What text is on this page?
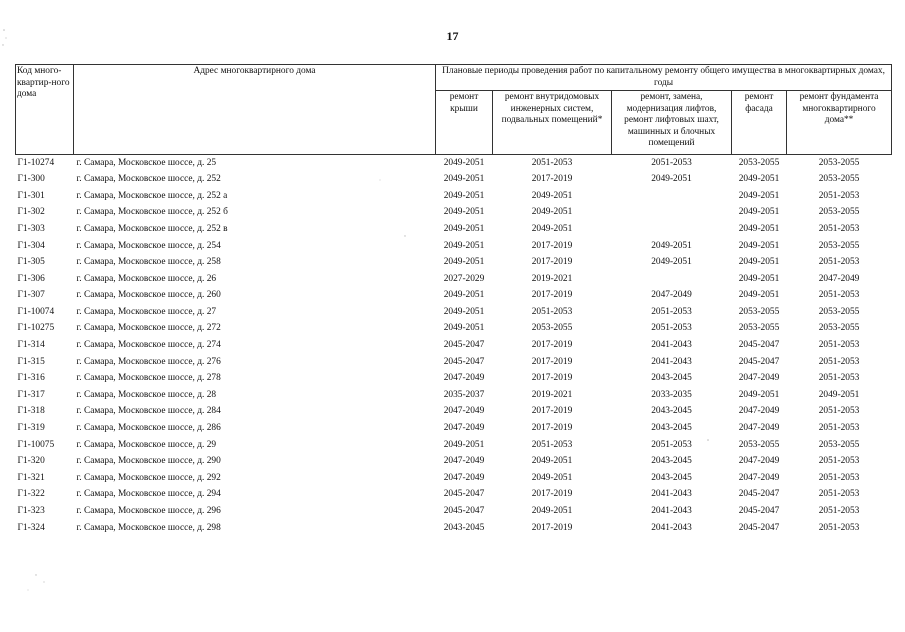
17
Код много-квартир-ного дома	Адрес многоквартирного дома	Плановые периоды проведения работ по капитальному ремонту общего имущества в многоквартирных домах, годы				
		ремонт крыши	ремонт внутридомовых инженерных систем, подвальных помещений*	ремонт, замена, модернизация лифтов, ремонт лифтовых шахт, машинных и блочных помещений	ремонт фасада	ремонт фундамента многоквартирного дома**
Г1-10274	г. Самара, Московское шоссе, д. 25	2049-2051	2051-2053	2051-2053	2053-2055	2053-2055
Г1-300	г. Самара, Московское шоссе, д. 252	2049-2051	2017-2019	2049-2051	2049-2051	2053-2055
Г1-301	г. Самара, Московское шоссе, д. 252 а	2049-2051	2049-2051		2049-2051	2051-2053
Г1-302	г. Самара, Московское шоссе, д. 252 б	2049-2051	2049-2051		2049-2051	2053-2055
Г1-303	г. Самара, Московское шоссе, д. 252 в	2049-2051	2049-2051		2049-2051	2051-2053
Г1-304	г. Самара, Московское шоссе, д. 254	2049-2051	2017-2019	2049-2051	2049-2051	2053-2055
Г1-305	г. Самара, Московское шоссе, д. 258	2049-2051	2017-2019	2049-2051	2049-2051	2051-2053
Г1-306	г. Самара, Московское шоссе, д. 26	2027-2029	2019-2021		2049-2051	2047-2049
Г1-307	г. Самара, Московское шоссе, д. 260	2049-2051	2017-2019	2047-2049	2049-2051	2051-2053
Г1-10074	г. Самара, Московское шоссе, д. 27	2049-2051	2051-2053	2051-2053	2053-2055	2053-2055
Г1-10275	г. Самара, Московское шоссе, д. 272	2049-2051	2053-2055	2051-2053	2053-2055	2053-2055
Г1-314	г. Самара, Московское шоссе, д. 274	2045-2047	2017-2019	2041-2043	2045-2047	2051-2053
Г1-315	г. Самара, Московское шоссе, д. 276	2045-2047	2017-2019	2041-2043	2045-2047	2051-2053
Г1-316	г. Самара, Московское шоссе, д. 278	2047-2049	2017-2019	2043-2045	2047-2049	2051-2053
Г1-317	г. Самара, Московское шоссе, д. 28	2035-2037	2019-2021	2033-2035	2049-2051	2049-2051
Г1-318	г. Самара, Московское шоссе, д. 284	2047-2049	2017-2019	2043-2045	2047-2049	2051-2053
Г1-319	г. Самара, Московское шоссе, д. 286	2047-2049	2017-2019	2043-2045	2047-2049	2051-2053
Г1-10075	г. Самара, Московское шоссе, д. 29	2049-2051	2051-2053	2051-2053	2053-2055	2053-2055
Г1-320	г. Самара, Московское шоссе, д. 290	2047-2049	2049-2051	2043-2045	2047-2049	2051-2053
Г1-321	г. Самара, Московское шоссе, д. 292	2047-2049	2049-2051	2043-2045	2047-2049	2051-2053
Г1-322	г. Самара, Московское шоссе, д. 294	2045-2047	2017-2019	2041-2043	2045-2047	2051-2053
Г1-323	г. Самара, Московское шоссе, д. 296	2045-2047	2049-2051	2041-2043	2045-2047	2051-2053
Г1-324	г. Самара, Московское шоссе, д. 298	2043-2045	2017-2019	2041-2043	2045-2047	2051-2053
